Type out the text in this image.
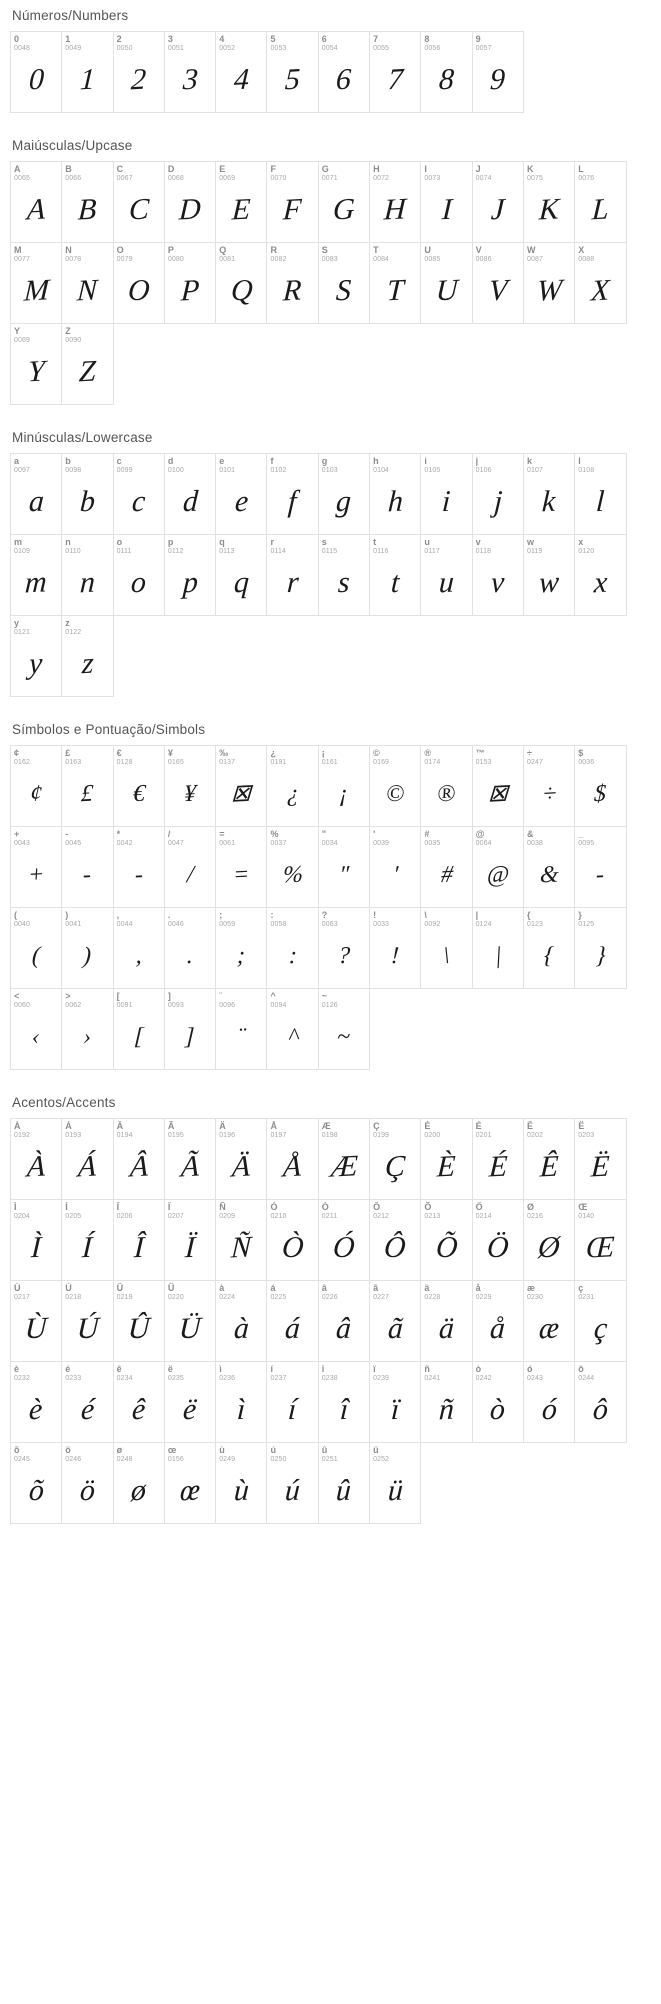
Números/Numbers
0
0048
0
1
0049
1
2
0050
2
3
0051
3
4
0052
4
5
0053
5
6
0054
6
7
0055
7
8
0056
8
9
0057
9
Maiúsculas/Upcase
A
0065
A
B
0066
B
C
0067
C
D
0068
D
E
0069
E
F
0070
F
G
0071
G
H
0072
H
I
0073
I
J
0074
J
K
0075
K
L
0076
L
M
0077
M
N
0078
N
O
0079
O
P
0080
P
Q
0081
Q
R
0082
R
S
0083
S
T
0084
T
U
0085
U
V
0086
V
W
0087
W
X
0088
X
Y
0089
Y
Z
0090
Z
Minúsculas/Lowercase
a
0097
a
b
0098
b
c
0099
c
d
0100
d
e
0101
e
f
0102
f
g
0103
g
h
0104
h
i
0105
i
j
0106
j
k
0107
k
l
0108
l
m
0109
m
n
0110
n
o
0111
o
p
0112
p
q
0113
q
r
0114
r
s
0115
s
t
0116
t
u
0117
u
v
0118
v
w
0119
w
x
0120
x
y
0121
y
z
0122
z
Símbolos e Pontuação/Simbols
¢
0162
¢
£
0163
£
€
0128
€
¥
0165
¥
‰
0137
⊠
¿
0191
¿
¡
0161
¡
©
0169
©
®
0174
®
™
0153
⊠
÷
0247
÷
$
0036
$
+
0043
+
-
0045
-
*
0042
-
/
0047
/
=
0061
=
%
0037
%
"
0034
"
'
0039
'
#
0035
#
@
0064
@
&
0038
&
_
0095
-
(
0040
(
)
0041
)
,
0044
,
.
0046
.
;
0059
;
:
0058
:
?
0063
?
!
0033
!
\
0092
\
|
0124
|
{
0123
{
}
0125
}
<
0060
‹
>
0062
›
[
0091
[
]
0093
]
¨
0096
¨
^
0094
^
~
0126
~
Acentos/Accents
À
0192
À
Á
0193
Á
Â
0194
Â
Ã
0195
Ã
Ä
0196
Ä
Å
0197
Å
Æ
0198
Æ
Ç
0199
Ç
È
0200
È
É
0201
É
Ê
0202
Ê
Ë
0203
Ë
Ì
0204
Ì
Í
0205
Í
Î
0206
Î
Ï
0207
Ï
Ñ
0209
Ñ
Ò
0210
Ò
Ó
0211
Ó
Ô
0212
Ô
Õ
0213
Õ
Ö
0214
Ö
Ø
0216
Ø
Œ
0140
Œ
Ù
0217
Ù
Ú
0218
Ú
Û
0219
Û
Ü
0220
Ü
à
0224
à
á
0225
á
â
0226
â
ã
0227
ã
ä
0228
ä
å
0229
å
æ
0230
æ
ç
0231
ç
è
0232
è
é
0233
é
ê
0234
ê
ë
0235
ë
ì
0236
ì
í
0237
í
î
0238
î
ï
0239
ï
ñ
0241
ñ
ò
0242
ò
ó
0243
ó
ô
0244
ô
õ
0245
õ
ö
0246
ö
ø
0248
ø
œ
0156
œ
ù
0249
ù
ú
0250
ú
û
0251
û
ü
0252
ü
